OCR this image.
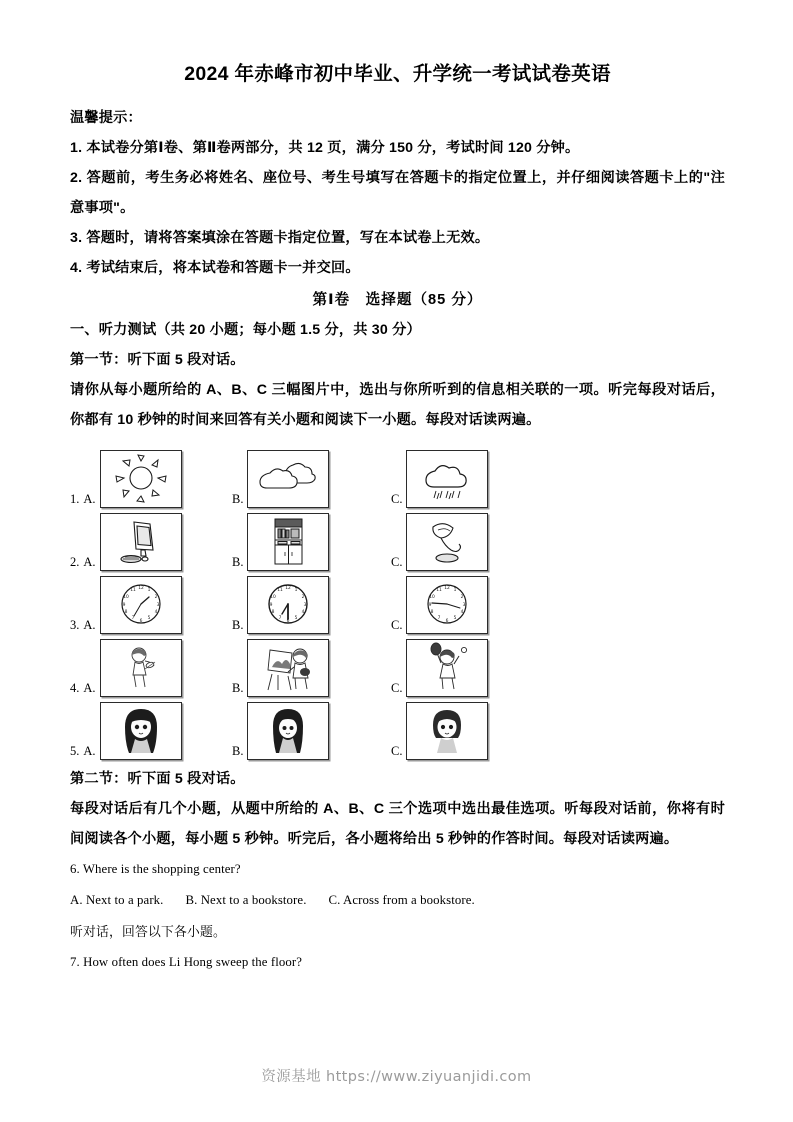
2024 年赤峰市初中毕业、升学统一考试试卷英语

温馨提示：

1. 本试卷分第Ⅰ卷、第Ⅱ卷两部分，共 12 页，满分 150 分，考试时间 120 分钟。

2. 答题前，考生务必将姓名、座位号、考生号填写在答题卡的指定位置上，并仔细阅读答题卡上的"注意事项"。

3. 答题时，请将答案填涂在答题卡指定位置，写在本试卷上无效。

4. 考试结束后，将本试卷和答题卡一并交回。

第Ⅰ卷　选择题（85 分）

一、听力测试（共 20 小题；每小题 1.5 分，共 30 分）

第一节：听下面 5 段对话。

请你从每小题所给的 A、B、C 三幅图片中，选出与你所听到的信息相关联的一项。听完每段对话后，你都有 10 秒钟的时间来回答有关小题和阅读下一小题。每段对话读两遍。

1. A.	B.	C.
2. A.	B.	C.
3. A.
12 1
2
3
4
5
6
7
8
9
10
11
B.
12 1
2
3
4
5
6
7
8
9
10
11
C.
12 1
2
3
4
5
6
7
8
9
10
11
4. A.	B.	C.
5. A.	B.	C.

第二节：听下面 5 段对话。

每段对话后有几个小题，从题中所给的 A、B、C 三个选项中选出最佳选项。听每段对话前，你将有时间阅读各个小题，每小题 5 秒钟。听完后，各小题将给出 5 秒钟的作答时间。每段对话读两遍。

6. Where is the shopping center?

A. Next to a park. B. Next to a bookstore. C. Across from a bookstore.

听对话，回答以下各小题。

7. How often does Li Hong sweep the floor?

资源基地 https://www.ziyuanjidi.com
